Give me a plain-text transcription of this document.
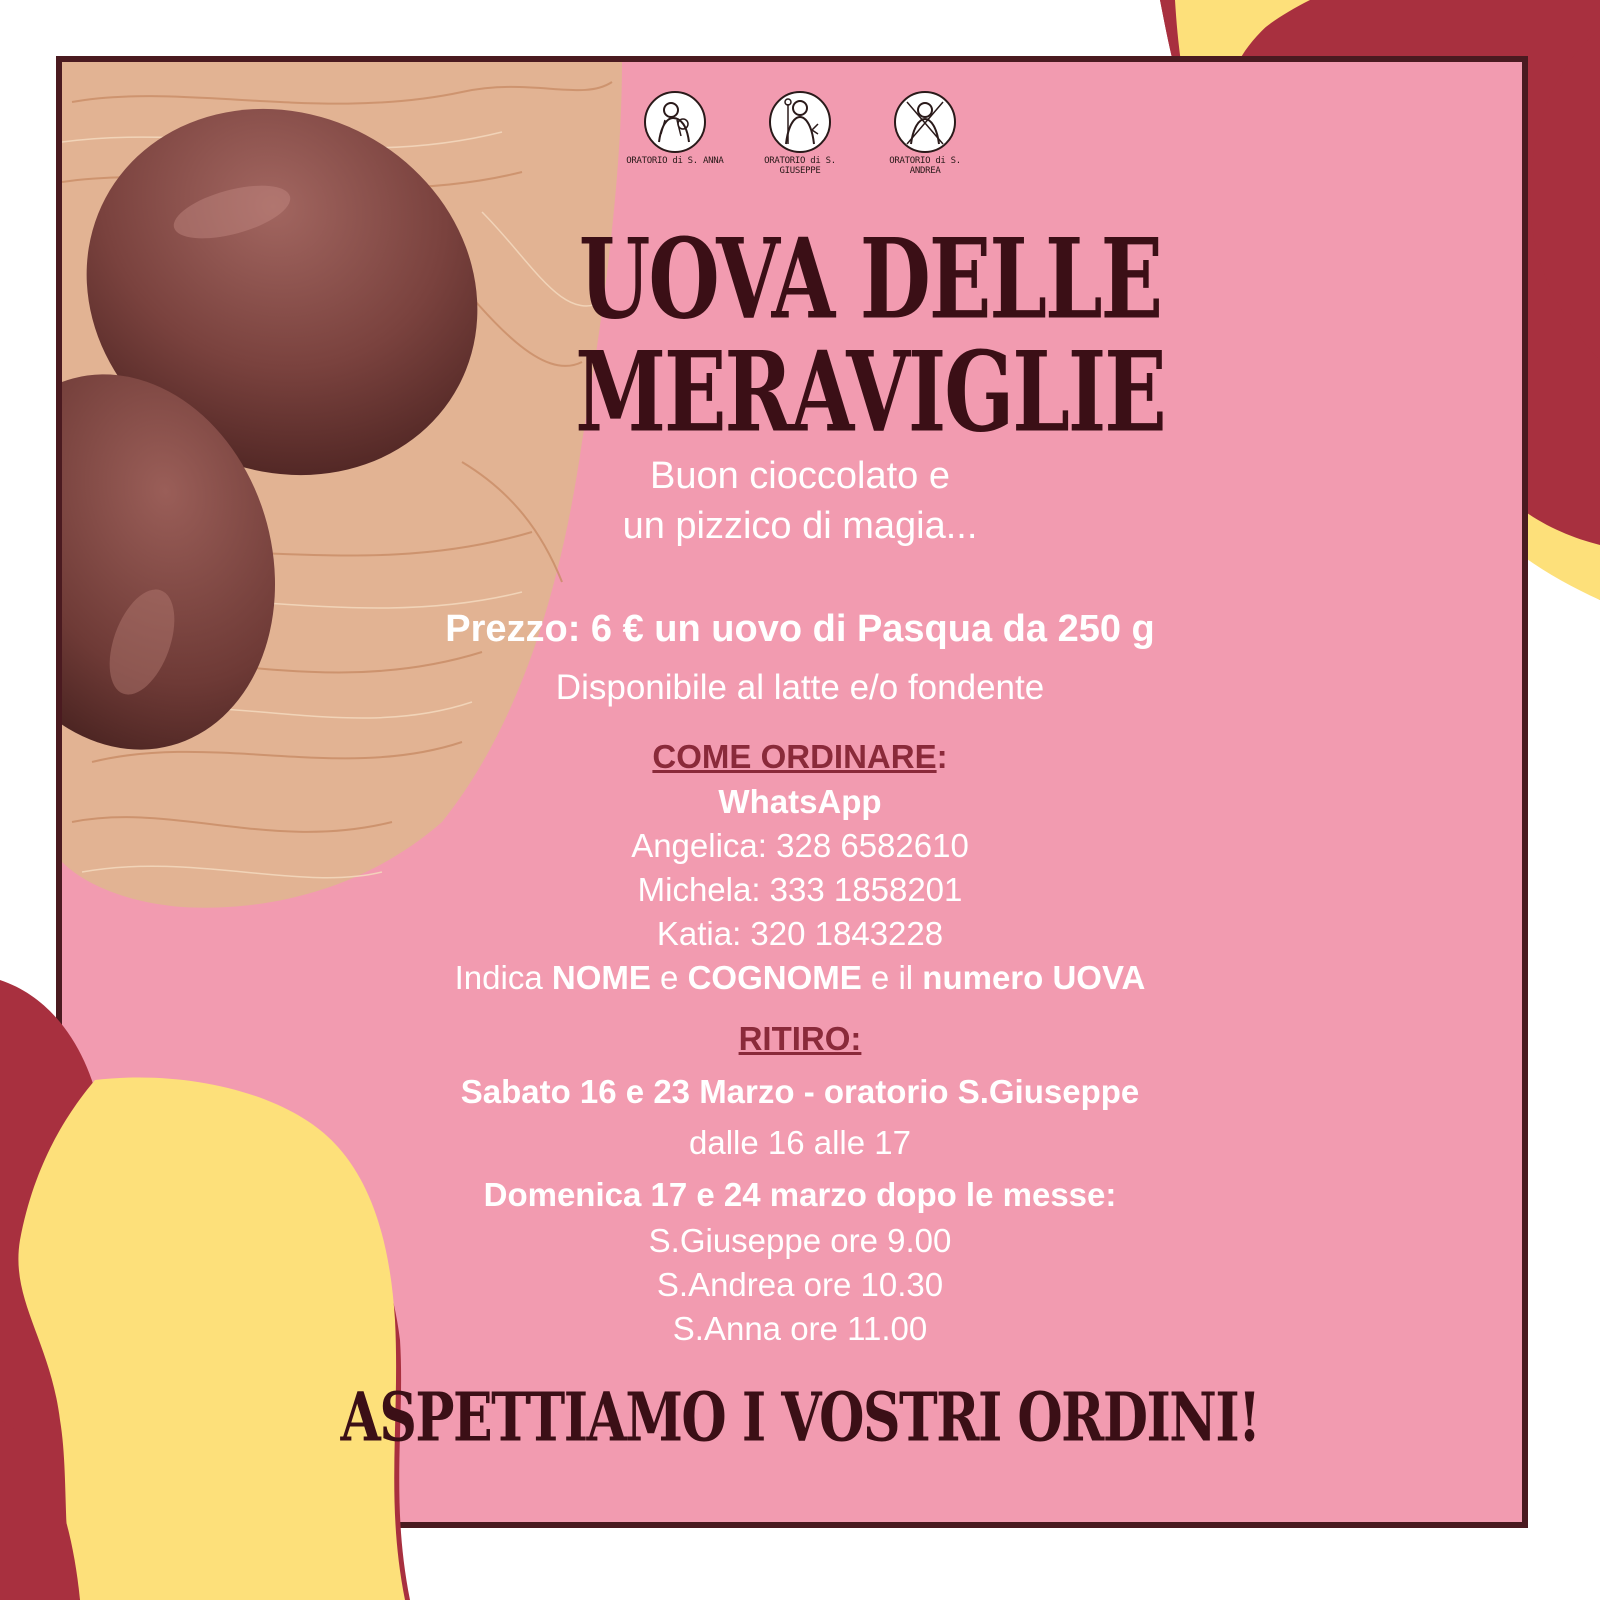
ORATORIO di S. ANNA
	ORATORIO di S. GIUSEPPE

ORATORIO di S. ANDREA
UOVA DELLE
MERAVIGLIE
Buon cioccolato e
un pizzico di magia...
Prezzo: 6 € un uovo di Pasqua da 250 g
Disponibile al latte e/o fondente
COME ORDINARE:
WhatsApp
Angelica: 328 6582610
Michela: 333 1858201
Katia: 320 1843228
Indica NOME e COGNOME e il numero UOVA
RITIRO:
Sabato 16 e 23 Marzo - oratorio S.Giuseppe
dalle 16 alle 17
Domenica 17 e 24 marzo dopo le messe:
S.Giuseppe ore 9.00
S.Andrea ore 10.30
S.Anna ore 11.00
ASPETTIAMO I VOSTRI ORDINI!
